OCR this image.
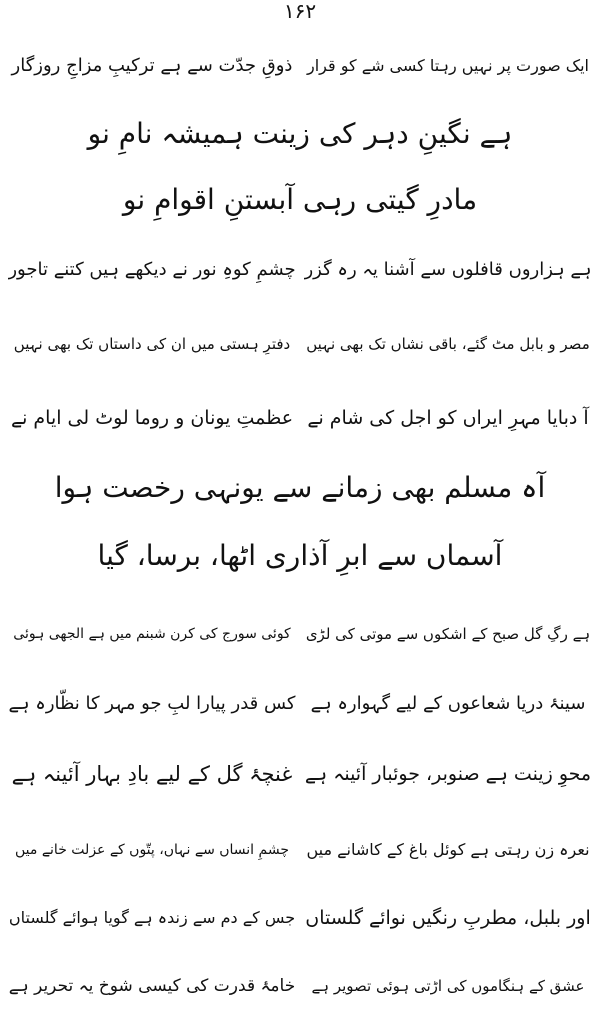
۱۶۲
ایک صورت پر نہیں رہتا کسی شے کو قرار
ذوقِ جدّت سے ہے ترکیبِ مزاجِ روزگار
ہے نگینِ دہر کی زینت ہمیشہ نامِ نو
مادرِ گیتی رہی آبستنِ اقوامِ نو
ہے ہزاروں قافلوں سے آشنا یہ رہ گزر
چشمِ کوہِ نور نے دیکھے ہیں کتنے تاجور
مصر و بابل مٹ گئے، باقی نشاں تک بھی نہیں
دفترِ ہستی میں ان کی داستاں تک بھی نہیں
آ دبایا مہرِ ایراں کو اجل کی شام نے
عظمتِ یونان و روما لوٹ لی ایام نے
آہ مسلم بھی زمانے سے یونہی رخصت ہوا
آسماں سے ابرِ آذاری اٹھا، برسا، گیا
ہے رگِ گل صبح کے اشکوں سے موتی کی لڑی
کوئی سورج کی کرن شبنم میں ہے الجھی ہوئی
سینۂ دریا شعاعوں کے لیے گہوارہ ہے
کس قدر پیارا لبِ جو مہر کا نظّارہ ہے
محوِ زینت ہے صنوبر، جوئبار آئینہ ہے
غنچۂ گل کے لیے بادِ بہار آئینہ ہے
نعرہ زن رہتی ہے کوئل باغ کے کاشانے میں
چشمِ انساں سے نہاں، پتّوں کے عزلت خانے میں
اور بلبل، مطربِ رنگیں نوائے گلستاں
جس کے دم سے زندہ ہے گویا ہوائے گلستاں
عشق کے ہنگاموں کی اڑتی ہوئی تصویر ہے
خامۂ قدرت کی کیسی شوخ یہ تحریر ہے
